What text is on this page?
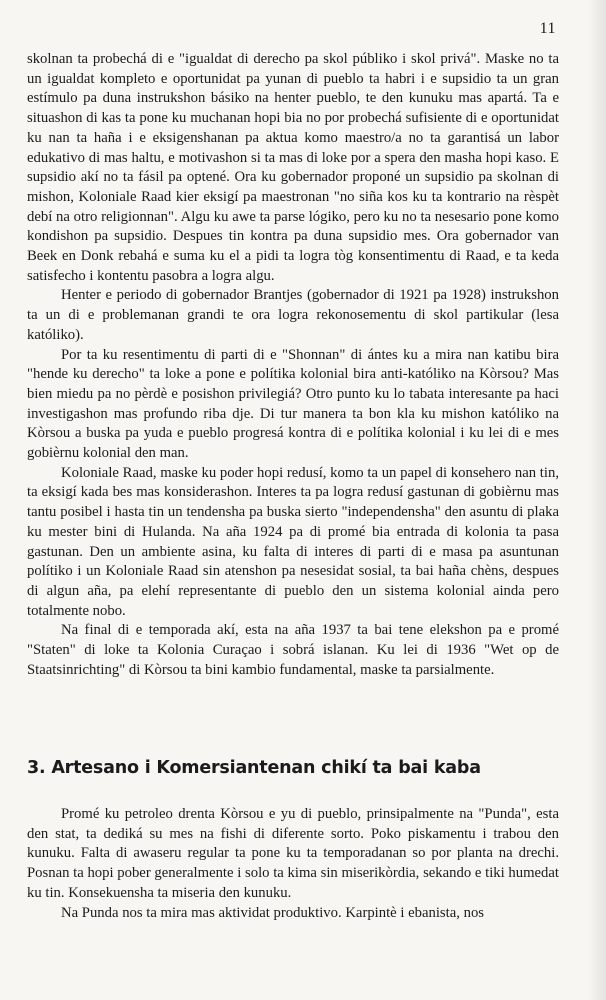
11

skolnan ta probechá di e "igualdat di derecho pa skol públiko i skol privá". Maske no ta un igualdat kompleto e oportunidat pa yunan di pueblo ta habri i e supsidio ta un gran estímulo pa duna instrukshon básiko na henter pueblo, te den kunuku mas apartá. Ta e situashon di kas ta pone ku muchanan hopi bia no por probechá sufisiente di e oportunidat ku nan ta haña i e eksigenshanan pa aktua komo maestro/a no ta garantisá un labor edukativo di mas haltu, e motivashon si ta mas di loke por a spera den masha hopi kaso. E supsidio akí no ta fásil pa optené. Ora ku gobernador proponé un supsidio pa skolnan di mishon, Koloniale Raad kier eksigí pa maestronan "no siña kos ku ta kontrario na rèspèt debí na otro religionnan". Algu ku awe ta parse lógiko, pero ku no ta nesesario pone komo kondishon pa supsidio. Despues tin kontra pa duna supsidio mes. Ora gobernador van Beek en Donk rebahá e suma ku el a pidi ta logra tòg konsentimentu di Raad, e ta keda satisfecho i kontentu pasobra a logra algu.

Henter e periodo di gobernador Brantjes (gobernador di 1921 pa 1928) instrukshon ta un di e problemanan grandi te ora logra rekonosementu di skol partikular (lesa katóliko).

Por ta ku resentimentu di parti di e "Shonnan" di ántes ku a mira nan katibu bira "hende ku derecho" ta loke a pone e polítika kolonial bira anti-katóliko na Kòrsou? Mas bien miedu pa no pèrdè e posishon privilegiá? Otro punto ku lo tabata interesante pa haci investigashon mas profundo riba dje. Di tur manera ta bon kla ku mishon katóliko na Kòrsou a buska pa yuda e pueblo progresá kontra di e polítika kolonial i ku lei di e mes gobièrnu kolonial den man.

Koloniale Raad, maske ku poder hopi redusí, komo ta un papel di konsehero nan tin, ta eksigí kada bes mas konsiderashon. Interes ta pa logra redusí gastunan di gobièrnu mas tantu posibel i hasta tin un tendensha pa buska sierto "independensha" den asuntu di plaka ku mester bini di Hulanda. Na aña 1924 pa di promé bia entrada di kolonia ta pasa gastunan. Den un ambiente asina, ku falta di interes di parti di e masa pa asuntunan polítiko i un Koloniale Raad sin atenshon pa nesesidat sosial, ta bai haña chèns, despues di algun aña, pa elehí representante di pueblo den un sistema kolonial ainda pero totalmente nobo.

Na final di e temporada akí, esta na aña 1937 ta bai tene elekshon pa e promé "Staten" di loke ta Kolonia Curaçao i sobrá islanan. Ku lei di 1936 "Wet op de Staatsinrichting" di Kòrsou ta bini kambio fundamental, maske ta parsialmente.

3. Artesano i Komersiantenan chikí ta bai kaba

Promé ku petroleo drenta Kòrsou e yu di pueblo, prinsipalmente na "Punda", esta den stat, ta dediká su mes na fishi di diferente sorto. Poko piskamentu i trabou den kunuku. Falta di awaseru regular ta pone ku ta temporadanan so por planta na drechi. Posnan ta hopi pober generalmente i solo ta kima sin miserikòrdia, sekando e tiki humedat ku tin. Konsekuensha ta miseria den kunuku.

Na Punda nos ta mira mas aktividat produktivo. Karpintè i ebanista, nos
